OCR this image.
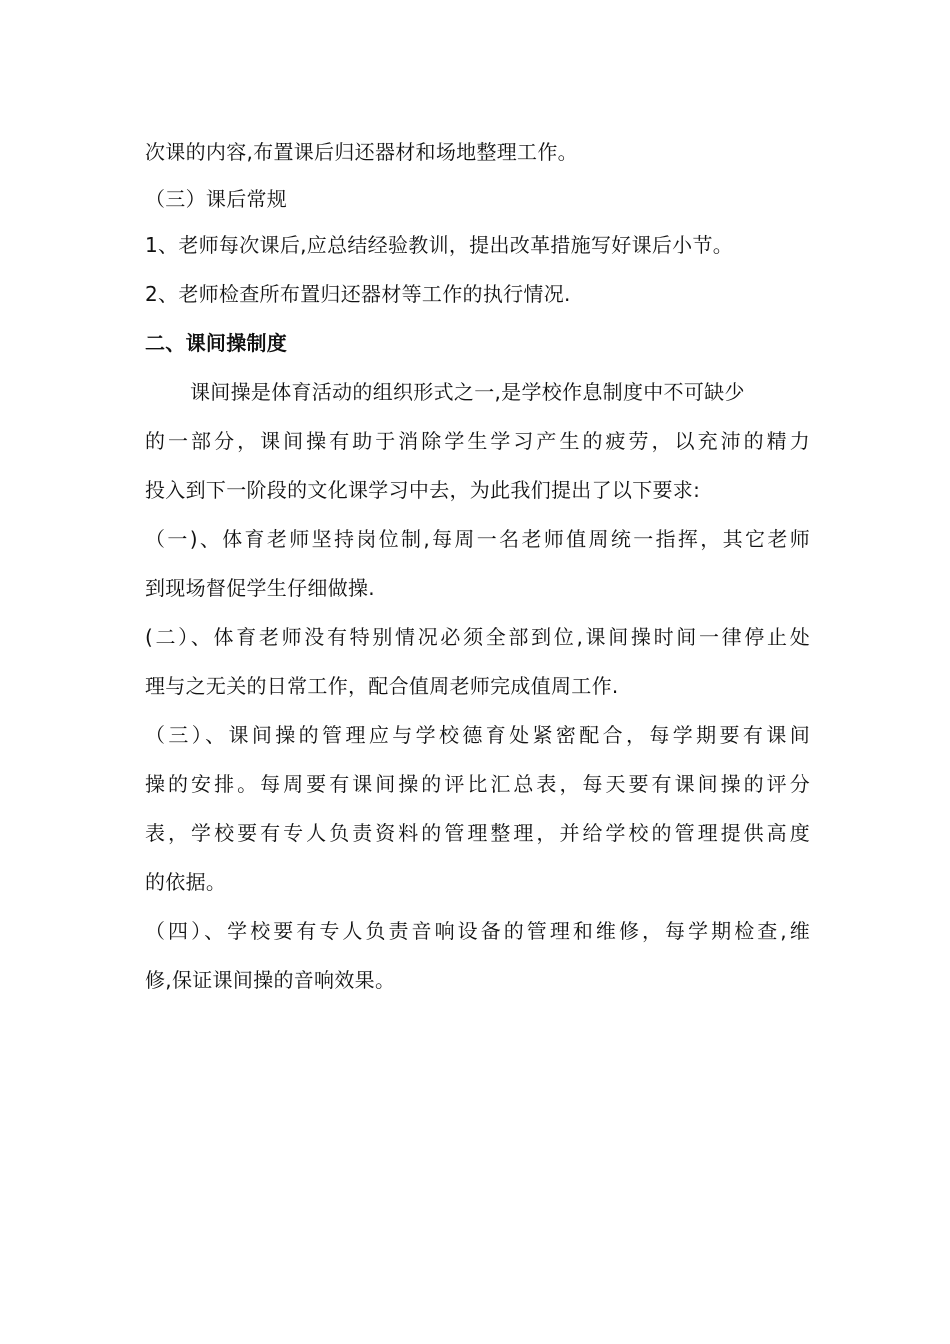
次课的内容,布置课后归还器材和场地整理工作。
（三）课后常规
1、老师每次课后,应总结经验教训，提出改革措施写好课后小节。
2、老师检查所布置归还器材等工作的执行情况.
二、课间操制度
课间操是体育活动的组织形式之一,是学校作息制度中不可缺少
的一部分，课间操有助于消除学生学习产生的疲劳，以充沛的精力
投入到下一阶段的文化课学习中去，为此我们提出了以下要求:
（一)、体育老师坚持岗位制,每周一名老师值周统一指挥，其它老师
到现场督促学生仔细做操.
(二）、体育老师没有特别情况必须全部到位,课间操时间一律停止处
理与之无关的日常工作，配合值周老师完成值周工作.
（三）、课间操的管理应与学校德育处紧密配合，每学期要有课间
操的安排。每周要有课间操的评比汇总表，每天要有课间操的评分
表，学校要有专人负责资料的管理整理，并给学校的管理提供高度
的依据。
（四）、学校要有专人负责音响设备的管理和维修，每学期检查,维
修,保证课间操的音响效果。
